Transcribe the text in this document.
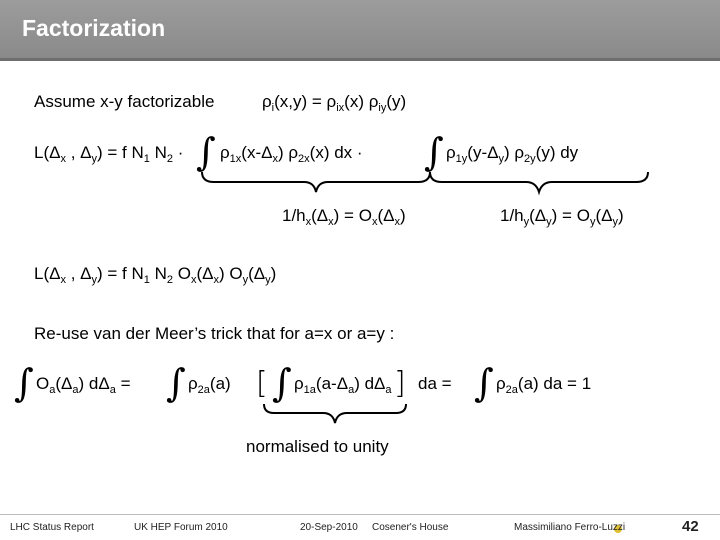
Factorization
Assume x-y factorizable	$\rho_i(x,y) = \rho_{ix}(x)$ $\rho_{iy}(y)$
$L(\Delta_x$ , $\Delta_y) = f$ $N_1$ $N_2$ · ∫ $\rho_{1x}(x-\Delta_x)$ $\rho_{2x}(x)$ dx · ∫ $\rho_{1y}(y-\Delta_y)$ $\rho_{2y}(y)$ dy
$1/h_x(\Delta_x) = O_x(\Delta_x)$	$1/h_y(\Delta_y) = O_y(\Delta_y)$
$L(\Delta_x$ , $\Delta_y) = f$ $N_1$ $N_2$ $O_x(\Delta_x)$ $O_y(\Delta_y)$
Re-use van der Meer’s trick that for a=x or a=y :
∫ $O_a(\Delta_a) d\Delta_a$ = ∫ $\rho_{2a}(a)$ [ ∫ $\rho_{1a}(a-\Delta_a)$ $d\Delta_a$ ] da = ∫ $\rho_{2a}(a)$ da = 1
normalised to unity
LHC Status Report	UK HEP Forum 2010	20-Sep-2010 Cosener's House	Massimiliano Ferro-Luzzi	42
